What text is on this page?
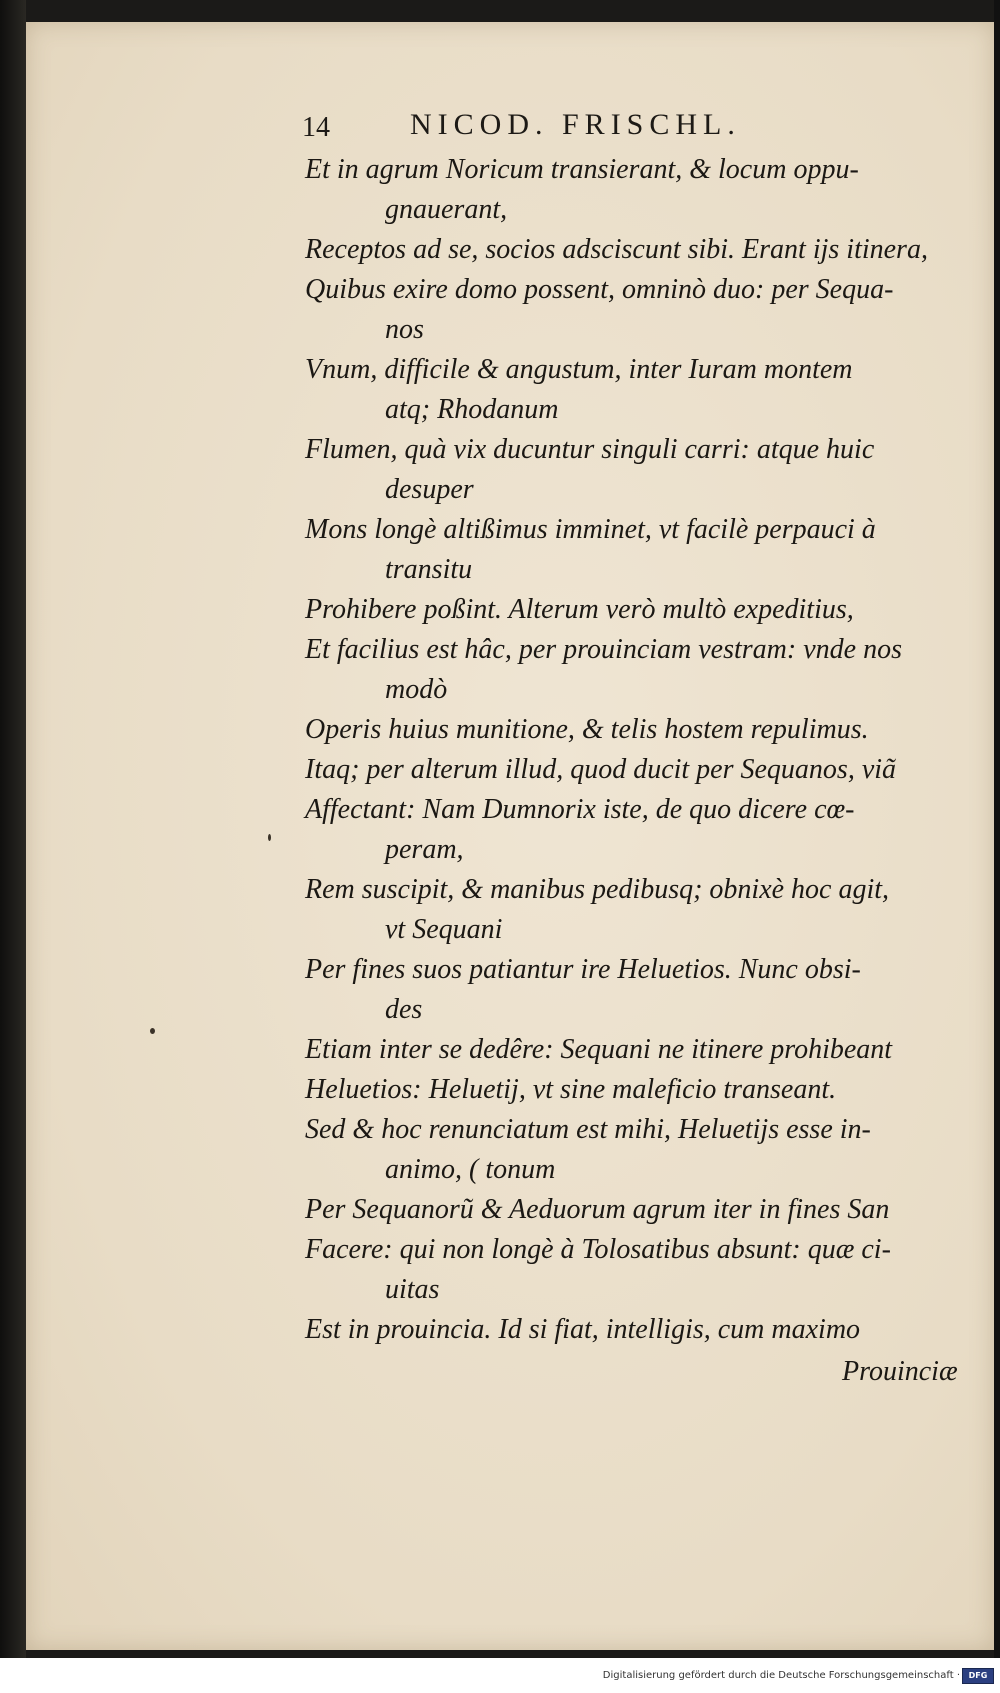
14	NICOD. FRISCHL.
Et in agrum Noricum transierant, & locum oppu-
gnauerant,
Receptos ad se, socios adsciscunt sibi. Erant ijs itinera,
Quibus exire domo possent, omninò duo: per Sequa-
nos
Vnum, difficile & angustum, inter Iuram montem
atq; Rhodanum
Flumen, quà vix ducuntur singuli carri: atque huic
desuper
Mons longè altißimus imminet, vt facilè perpauci à
transitu
Prohibere poßint. Alterum verò multò expeditius,
Et facilius est hâc, per prouinciam vestram: vnde nos
modò
Operis huius munitione, & telis hostem repulimus.
Itaq; per alterum illud, quod ducit per Sequanos, viã
Affectant: Nam Dumnorix iste, de quo dicere cœ-
peram,
Rem suscipit, & manibus pedibusq; obnixè hoc agit,
vt Sequani
Per fines suos patiantur ire Heluetios. Nunc obsi-
des
Etiam inter se dedêre: Sequani ne itinere prohibeant
Heluetios: Heluetij, vt sine maleficio transeant.
Sed & hoc renunciatum est mihi, Heluetijs esse in-
animo, ( tonum
Per Sequanorũ & Aeduorum agrum iter in fines San
Facere: qui non longè à Tolosatibus absunt: quæ ci-
uitas
Est in prouincia. Id si fiat, intelligis, cum maximo
Prouinciæ
Digitalisierung gefördert durch die Deutsche Forschungsgemeinschaft ·	DFG
